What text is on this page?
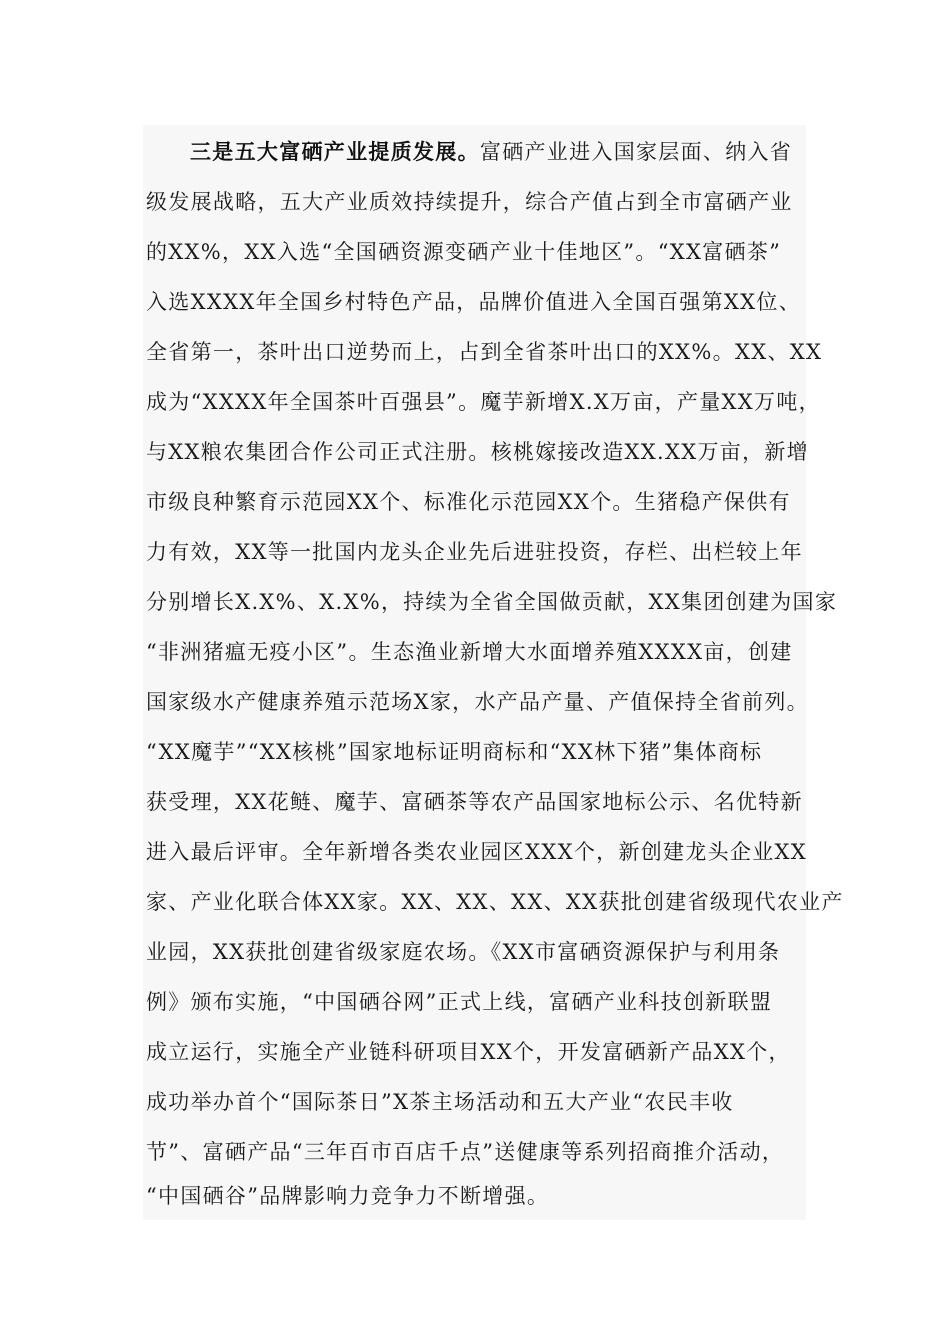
三是五大富硒产业提质发展。富硒产业进入国家层面、纳入省
级发展战略，五大产业质效持续提升，综合产值占到全市富硒产业
的XX%，XX入选“全国硒资源变硒产业十佳地区”。“XX富硒茶”
入选XXXX年全国乡村特色产品，品牌价值进入全国百强第XX位、
全省第一，茶叶出口逆势而上，占到全省茶叶出口的XX%。XX、XX
成为“XXXX年全国茶叶百强县”。魔芋新增X.X万亩，产量XX万吨，
与XX粮农集团合作公司正式注册。核桃嫁接改造XX.XX万亩，新增
市级良种繁育示范园XX个、标准化示范园XX个。生猪稳产保供有
力有效，XX等一批国内龙头企业先后进驻投资，存栏、出栏较上年
分别增长X.X%、X.X%，持续为全省全国做贡献，XX集团创建为国家
“非洲猪瘟无疫小区”。生态渔业新增大水面增养殖XXXX亩，创建
国家级水产健康养殖示范场X家，水产品产量、产值保持全省前列。
“XX魔芋”“XX核桃”国家地标证明商标和“XX林下猪”集体商标
获受理，XX花鲢、魔芋、富硒茶等农产品国家地标公示、名优特新
进入最后评审。全年新增各类农业园区XXX个，新创建龙头企业XX
家、产业化联合体XX家。XX、XX、XX、XX获批创建省级现代农业产
业园，XX获批创建省级家庭农场。《XX市富硒资源保护与利用条
例》颁布实施，“中国硒谷网”正式上线，富硒产业科技创新联盟
成立运行，实施全产业链科研项目XX个，开发富硒新产品XX个，
成功举办首个“国际茶日”X茶主场活动和五大产业“农民丰收
节”、富硒产品“三年百市百店千点”送健康等系列招商推介活动，
“中国硒谷”品牌影响力竞争力不断增强。
